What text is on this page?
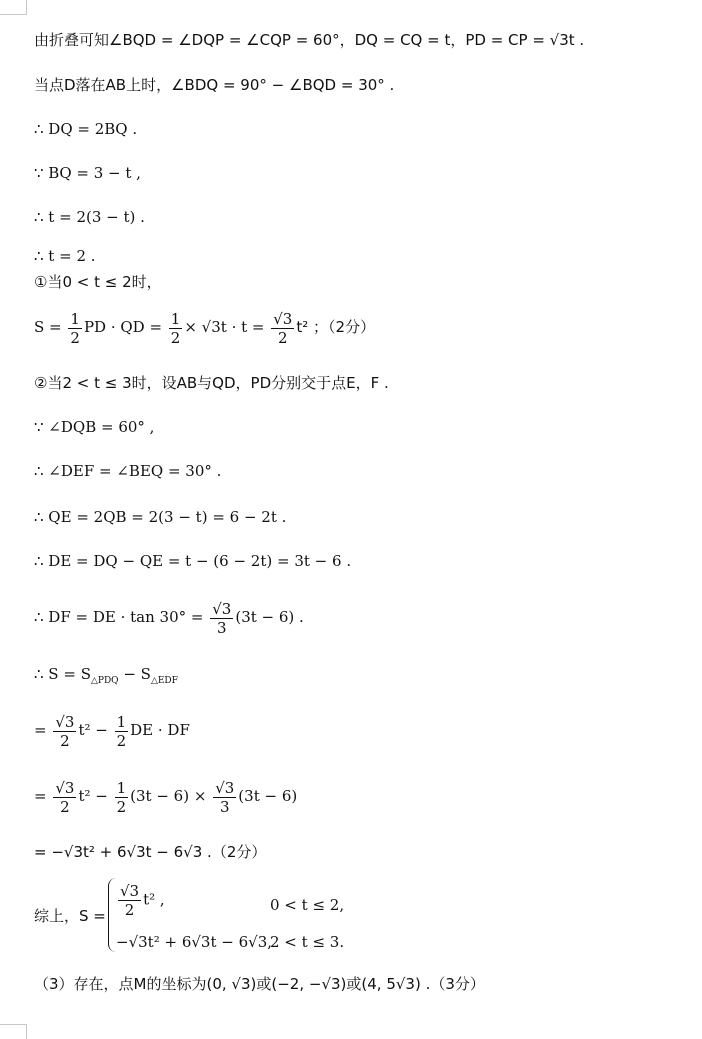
由折叠可知∠BQD = ∠DQP = ∠CQP = 60°，DQ = CQ = t，PD = CP = √3t .
当点D落在AB上时，∠BDQ = 90° − ∠BQD = 30° .
∴ DQ = 2BQ .
∵ BQ = 3 − t ,
∴ t = 2(3 − t) .
∴ t = 2 .
①当0 < t ≤ 2时，
$S = \frac{1}{2}$ PD · QD = $\frac{1}{2} \times √3t \cdot t = \frac{√3}{2} t^2$ ；（2分）
②当2 < t ≤ 3时，设AB与QD，PD分别交于点E，F .
∵ ∠DQB = 60° ,
∴ ∠DEF = ∠BEQ = 30° .
∴ QE = 2QB = 2(3 − t) = 6 − 2t .
∴ DE = DQ − QE = t − (6 − 2t) = 3t − 6 .
∴ DF = DE · $\tan 30^\circ = \frac{√3}{3} (3t - 6)$ .
∴ $S = S_{\triangle PDQ} - S_{\triangle EDF}$
= $\frac{√3}{2} t^2 - \frac{1}{2}$ DE · DF
= $\frac{√3}{2} t^2 - \frac{1}{2} (3t - 6) \times \frac{√3}{3} (3t - 6)$
= −√3t² + 6√3t − 6√3 .（2分）
综上，$S = \frac{√3}{2} t^2$ ,	0 < t ≤ 2,
−√3t² + 6√3t − 6√3,
2 < t ≤ 3.
（3）存在，点M的坐标为(0, √3)或(−2, −√3)或(4, 5√3) .（3分）
